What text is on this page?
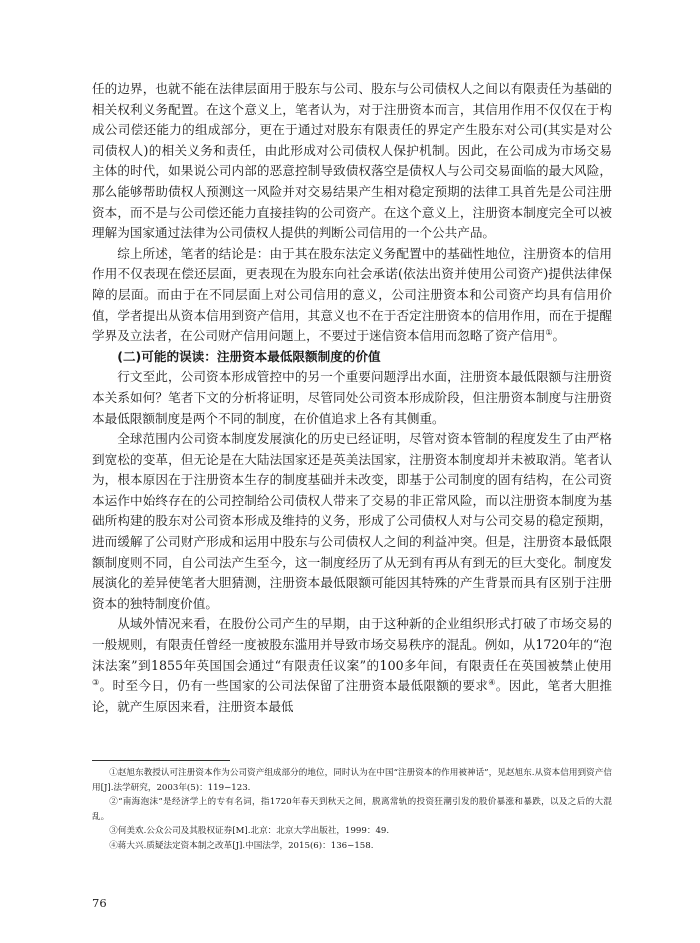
任的边界，也就不能在法律层面用于股东与公司、股东与公司债权人之间以有限责任为基础的相关权利义务配置。在这个意义上，笔者认为，对于注册资本而言，其信用作用不仅仅在于构成公司偿还能力的组成部分，更在于通过对股东有限责任的界定产生股东对公司(其实是对公司债权人)的相关义务和责任，由此形成对公司债权人保护机制。因此，在公司成为市场交易主体的时代，如果说公司内部的恶意控制导致债权落空是债权人与公司交易面临的最大风险，那么能够帮助债权人预测这一风险并对交易结果产生相对稳定预期的法律工具首先是公司注册资本，而不是与公司偿还能力直接挂钩的公司资产。在这个意义上，注册资本制度完全可以被理解为国家通过法律为公司债权人提供的判断公司信用的一个公共产品。

综上所述，笔者的结论是：由于其在股东法定义务配置中的基础性地位，注册资本的信用作用不仅表现在偿还层面，更表现在为股东向社会承诺(依法出资并使用公司资产)提供法律保障的层面。而由于在不同层面上对公司信用的意义，公司注册资本和公司资产均具有信用价值，学者提出从资本信用到资产信用，其意义也不在于否定注册资本的信用作用，而在于提醒学界及立法者，在公司财产信用问题上，不要过于迷信资本信用而忽略了资产信用①。

(二)可能的误读：注册资本最低限额制度的价值

行文至此，公司资本形成管控中的另一个重要问题浮出水面，注册资本最低限额与注册资本关系如何？笔者下文的分析将证明，尽管同处公司资本形成阶段，但注册资本制度与注册资本最低限额制度是两个不同的制度，在价值追求上各有其侧重。

全球范围内公司资本制度发展演化的历史已经证明，尽管对资本管制的程度发生了由严格到宽松的变革，但无论是在大陆法国家还是英美法国家，注册资本制度却并未被取消。笔者认为，根本原因在于注册资本生存的制度基础并未改变，即基于公司制度的固有结构，在公司资本运作中始终存在的公司控制给公司债权人带来了交易的非正常风险，而以注册资本制度为基础所构建的股东对公司资本形成及维持的义务，形成了公司债权人对与公司交易的稳定预期，进而缓解了公司财产形成和运用中股东与公司债权人之间的利益冲突。但是，注册资本最低限额制度则不同，自公司法产生至今，这一制度经历了从无到有再从有到无的巨大变化。制度发展演化的差异使笔者大胆猜测，注册资本最低限额可能因其特殊的产生背景而具有区别于注册资本的独特制度价值。

从域外情况来看，在股份公司产生的早期，由于这种新的企业组织形式打破了市场交易的一般规则，有限责任曾经一度被股东滥用并导致市场交易秩序的混乱。例如，从1720年的“泡沫法案”到1855年英国国会通过“有限责任议案”的100多年间，有限责任在英国被禁止使用③。时至今日，仍有一些国家的公司法保留了注册资本最低限额的要求④。因此，笔者大胆推论，就产生原因来看，注册资本最低

①赵旭东教授认可注册资本作为公司资产组成部分的地位，同时认为在中国“注册资本的作用被神话”，见赵旭东.从资本信用到资产信用[J].法学研究，2003年(5)：119−123.

②“南海泡沫”是经济学上的专有名词，指1720年春天到秋天之间，脱离常轨的投资狂潮引发的股价暴涨和暴跌，以及之后的大混乱。

③何美欢.公众公司及其股权证券[M].北京：北京大学出版社，1999：49.

④蒋大兴.质疑法定资本制之改革[J].中国法学，2015(6)：136−158.

76
